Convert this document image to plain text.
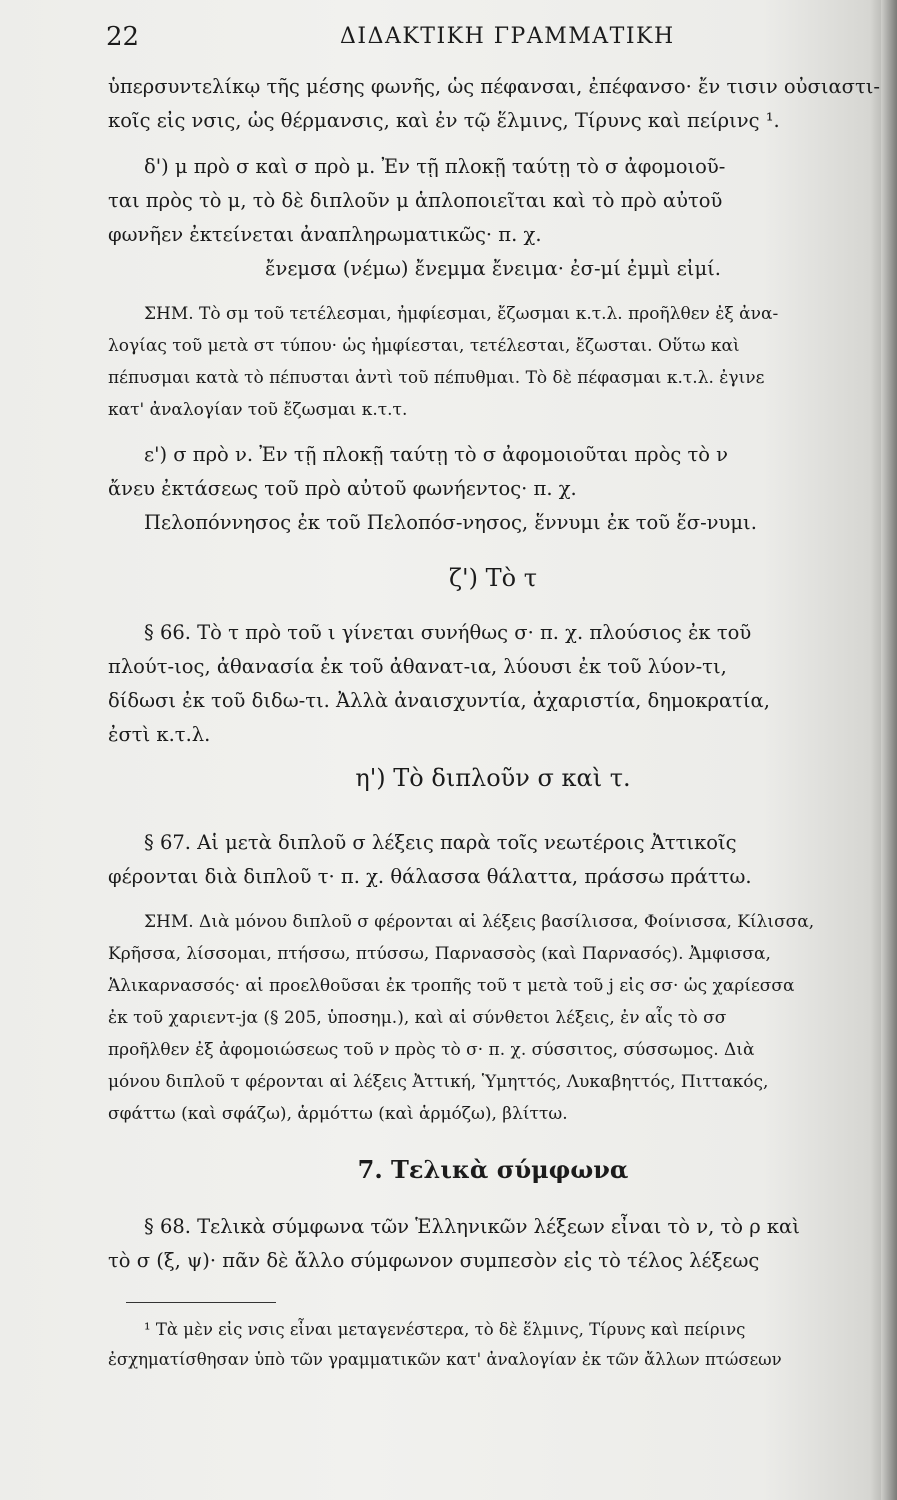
22	ΔΙΔΑΚΤΙΚΗ ΓΡΑΜΜΑΤΙΚΗ
ὑπερσυντελίκῳ τῆς μέσης φωνῆς, ὡς πέφανσαι, ἐπέφανσο· ἔν τισιν οὐσιαστι-
κοῖς εἰς νσις, ὡς θέρμανσις, καὶ ἐν τῷ ἕλμινς, Τίρυνς καὶ πείρινς ¹.
δ') μ πρὸ σ καὶ σ πρὸ μ. Ἐν τῇ πλοκῇ ταύτῃ τὸ σ ἀφομοιοῦ-
ται πρὸς τὸ μ, τὸ δὲ διπλοῦν μ ἁπλοποιεῖται καὶ τὸ πρὸ αὐτοῦ
φωνῆεν ἐκτείνεται ἀναπληρωματικῶς· π. χ.
ἔνεμσα (νέμω) ἔνεμμα ἔνειμα· ἐσ-μί ἐμμὶ εἰμί.
ΣΗΜ. Τὸ σμ τοῦ τετέλεσμαι, ἠμφίεσμαι, ἔζωσμαι κ.τ.λ. προῆλθεν ἐξ ἀνα-
λογίας τοῦ μετὰ στ τύπου· ὡς ἠμφίεσται, τετέλεσται, ἔζωσται. Οὕτω καὶ
πέπυσμαι κατὰ τὸ πέπυσται ἀντὶ τοῦ πέπυθμαι. Τὸ δὲ πέφασμαι κ.τ.λ. ἐγινε
κατ' ἀναλογίαν τοῦ ἔζωσμαι κ.τ.τ.
ε') σ πρὸ ν. Ἐν τῇ πλοκῇ ταύτῃ τὸ σ ἀφομοιοῦται πρὸς τὸ ν
ἄνευ ἐκτάσεως τοῦ πρὸ αὐτοῦ φωνήεντος· π. χ.
Πελοπόννησος ἐκ τοῦ Πελοπόσ-νησος, ἕννυμι ἐκ τοῦ ἕσ-νυμι.
ζ') Τὸ τ
§ 66. Τὸ τ πρὸ τοῦ ι γίνεται συνήθως σ· π. χ. πλούσιος ἐκ τοῦ
πλούτ-ιος, ἀθανασία ἐκ τοῦ ἀθανατ-ια, λύουσι ἐκ τοῦ λύον-τι,
δίδωσι ἐκ τοῦ διδω-τι. Ἀλλὰ ἀναισχυντία, ἀχαριστία, δημοκρατία,
ἐστὶ κ.τ.λ.
η') Τὸ διπλοῦν σ καὶ τ.
§ 67. Αἱ μετὰ διπλοῦ σ λέξεις παρὰ τοῖς νεωτέροις Ἀττικοῖς
φέρονται διὰ διπλοῦ τ· π. χ. θάλασσα θάλαττα, πράσσω πράττω.
ΣΗΜ. Διὰ μόνου διπλοῦ σ φέρονται αἱ λέξεις βασίλισσα, Φοίνισσα, Κίλισσα,
Κρῆσσα, λίσσομαι, πτήσσω, πτύσσω, Παρνασσὸς (καὶ Παρνασός). Ἀμφισσα,
Ἁλικαρνασσός· αἱ προελθοῦσαι ἐκ τροπῆς τοῦ τ μετὰ τοῦ j εἰς σσ· ὡς χαρίεσσα
ἐκ τοῦ χαριεντ-jα (§ 205, ὑποσημ.), καὶ αἱ σύνθετοι λέξεις, ἐν αἷς τὸ σσ
προῆλθεν ἐξ ἀφομοιώσεως τοῦ ν πρὸς τὸ σ· π. χ. σύσσιτος, σύσσωμος. Διὰ
μόνου διπλοῦ τ φέρονται αἱ λέξεις Ἀττική, Ὑμηττός, Λυκαβηττός, Πιττακός,
σφάττω (καὶ σφάζω), ἁρμόττω (καὶ ἁρμόζω), βλίττω.
7. Τελικὰ σύμφωνα
§ 68. Τελικὰ σύμφωνα τῶν Ἑλληνικῶν λέξεων εἶναι τὸ ν, τὸ ρ καὶ
τὸ σ (ξ, ψ)· πᾶν δὲ ἄλλο σύμφωνον συμπεσὸν εἰς τὸ τέλος λέξεως
¹ Τὰ μὲν εἰς νσις εἶναι μεταγενέστερα, τὸ δὲ ἕλμινς, Τίρυνς καὶ πείρινς
ἐσχηματίσθησαν ὑπὸ τῶν γραμματικῶν κατ' ἀναλογίαν ἐκ τῶν ἄλλων πτώσεων
